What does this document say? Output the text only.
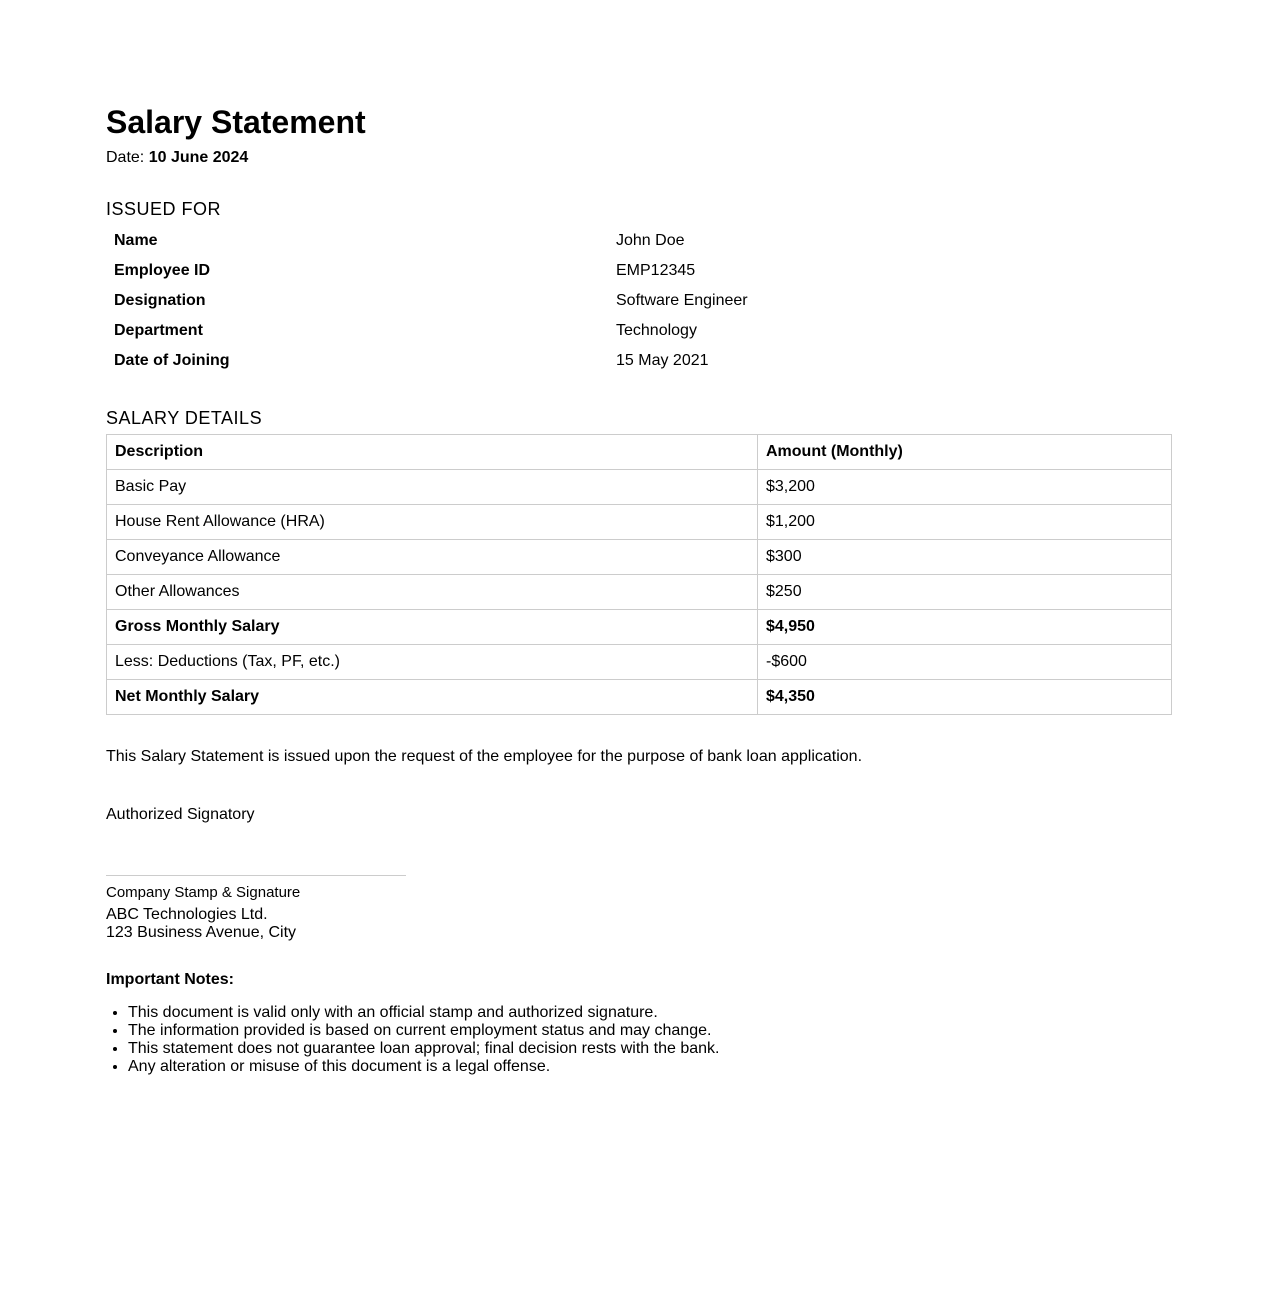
Salary Statement
Date: 10 June 2024
ISSUED FOR
Name	John Doe
Employee ID	EMP12345
Designation	Software Engineer
Department	Technology
Date of Joining	15 May 2021
SALARY DETAILS
Description	Amount (Monthly)
Basic Pay	$3,200
House Rent Allowance (HRA)	$1,200
Conveyance Allowance	$300
Other Allowances	$250
Gross Monthly Salary	$4,950
Less: Deductions (Tax, PF, etc.)	-$600
Net Monthly Salary	$4,350

This Salary Statement is issued upon the request of the employee for the purpose of bank loan application.

Authorized Signatory
Company Stamp & Signature
ABC Technologies Ltd.
123 Business Avenue, City
Important Notes:
• This document is valid only with an official stamp and authorized signature.
• The information provided is based on current employment status and may change.
• This statement does not guarantee loan approval; final decision rests with the bank.
• Any alteration or misuse of this document is a legal offense.
